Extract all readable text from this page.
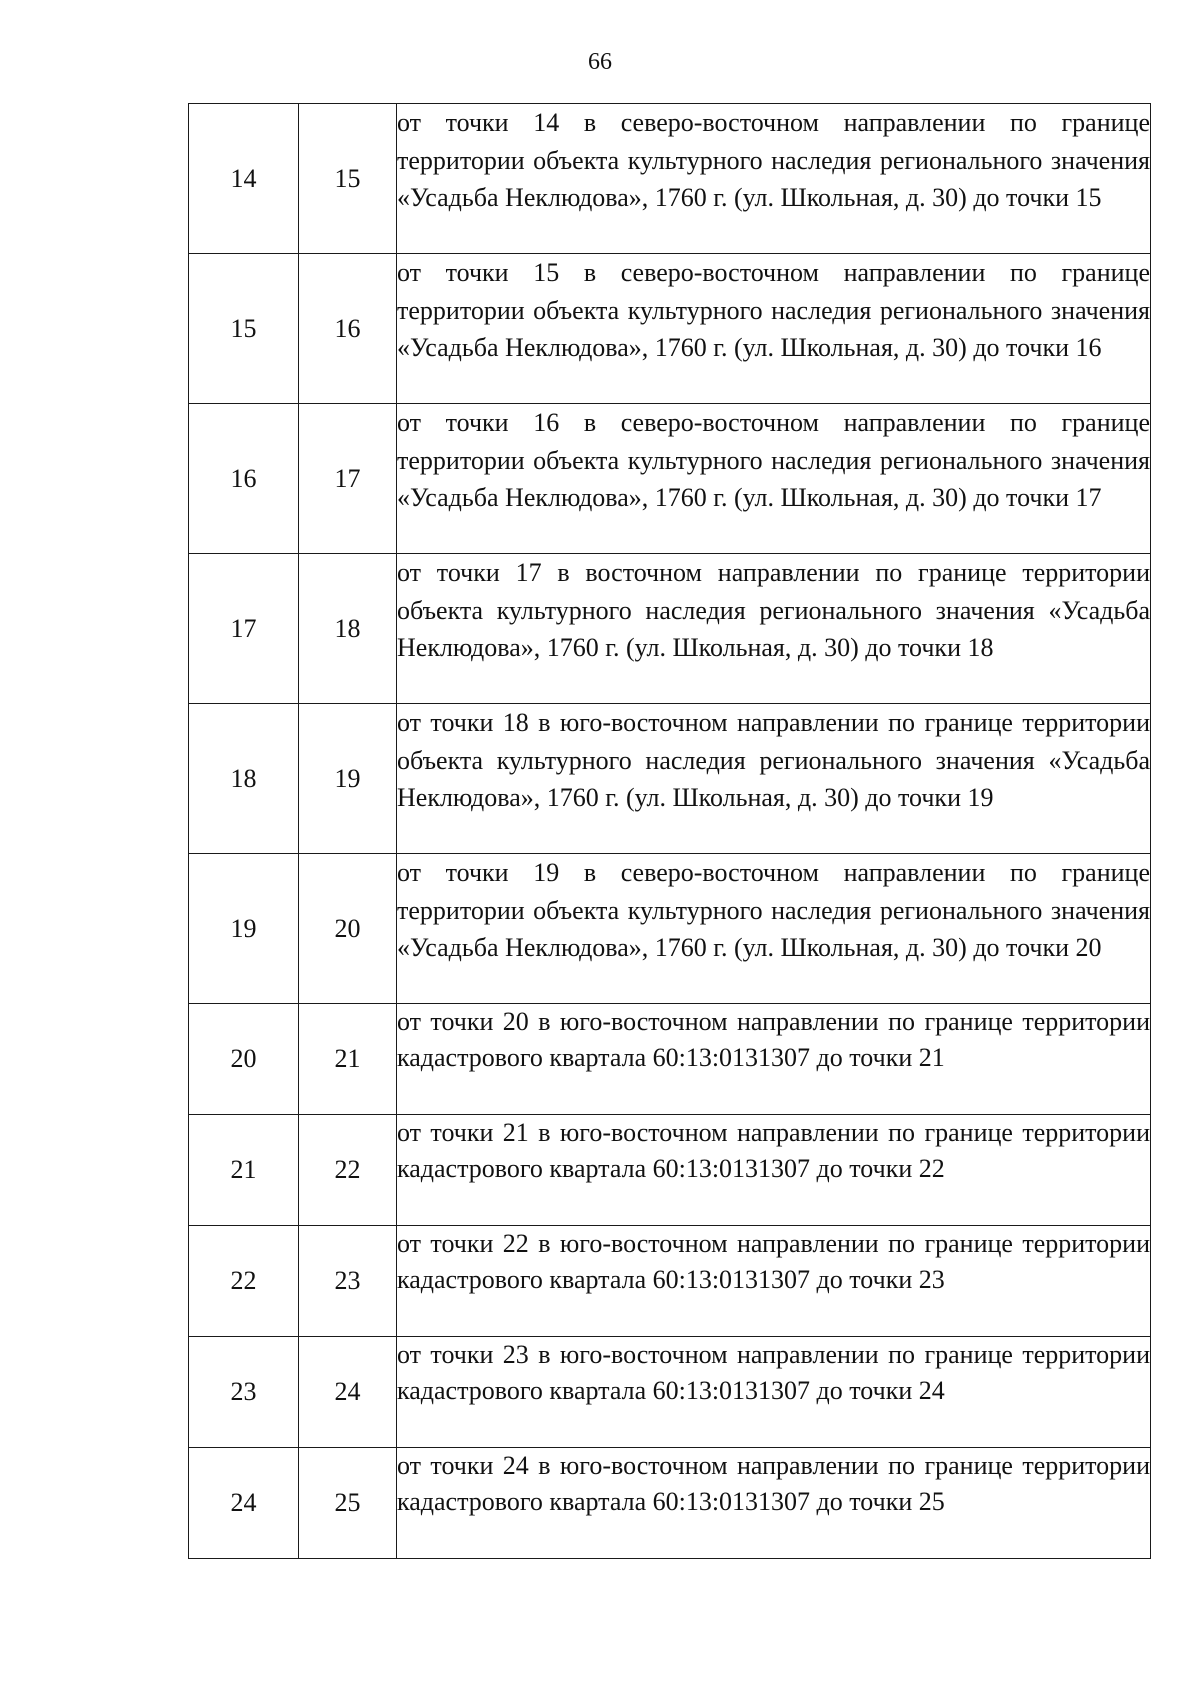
66
14	15	от точки 14 в северо-восточном направлении по границе территории объекта культурного наследия регионального значения «Усадьба Неклюдова», 1760 г. (ул. Школьная, д. 30) до точки 15
15	16	от точки 15 в северо-восточном направлении по границе территории объекта культурного наследия регионального значения «Усадьба Неклюдова», 1760 г. (ул. Школьная, д. 30) до точки 16
16	17	от точки 16 в северо-восточном направлении по границе территории объекта культурного наследия регионального значения «Усадьба Неклюдова», 1760 г. (ул. Школьная, д. 30) до точки 17
17	18	от точки 17 в восточном направлении по границе территории объекта культурного наследия регионального значения «Усадьба Неклюдова», 1760 г. (ул. Школьная, д. 30) до точки 18
18	19	от точки 18 в юго-восточном направлении по границе территории объекта культурного наследия регионального значения «Усадьба Неклюдова», 1760 г. (ул. Школьная, д. 30) до точки 19
19	20	от точки 19 в северо-восточном направлении по границе территории объекта культурного наследия регионального значения «Усадьба Неклюдова», 1760 г. (ул. Школьная, д. 30) до точки 20
20	21	от точки 20 в юго-восточном направлении по границе территории кадастрового квартала 60:13:0131307 до точки 21
21	22	от точки 21 в юго-восточном направлении по границе территории кадастрового квартала 60:13:0131307 до точки 22
22	23	от точки 22 в юго-восточном направлении по границе территории кадастрового квартала 60:13:0131307 до точки 23
23	24	от точки 23 в юго-восточном направлении по границе территории кадастрового квартала 60:13:0131307 до точки 24
24	25	от точки 24 в юго-восточном направлении по границе территории кадастрового квартала 60:13:0131307 до точки 25
